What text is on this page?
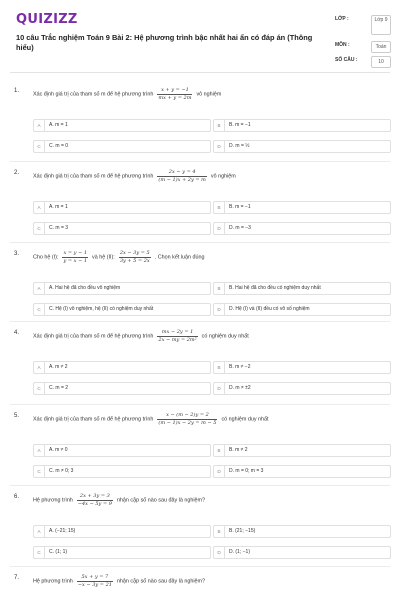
QUIZIZZ
10 câu Trắc nghiệm Toán 9 Bài 2: Hệ phương trình bậc nhất hai ẩn có đáp án (Thông hiểu)
LỚP :	Lớp 9
MÔN :	Toán
SỐ CÂU :	10
1.
Xác định giá trị của tham số m để hệ phương trình $\frac{x + y = -1}{mx + y = 2m}$ vô nghiệm
A	A. m = 1	B	B. m = −1
C	C. m = 0	D	D. m = ½
2.
Xác định giá trị của tham số m để hệ phương trình $\frac{2x - y = 4}{(m - 1)x + 2y = m}$ vô nghiệm
A	A. m = 1	B	B. m = −1
C	C. m = 3	D	D. m = −3
3.
Cho hệ (I): $\frac{x = y - 1}{y = x - 1}$ và hệ (II): $\frac{2x - 3y = 5}{3y + 5 = 2x}$ . Chọn kết luận đúng
A	A. Hai hệ đã cho đều vô nghiệm	B	B. Hai hệ đã cho đều có nghiệm duy nhất
C	C. Hệ (I) vô nghiệm, hệ (II) có nghiệm duy nhất	D	D. Hệ (I) và (II) đều có vô số nghiệm
4.
Xác định giá trị của tham số m để hệ phương trình $\frac{mx - 2y = 1}{\text{2x − my = 2m²}}$ có nghiệm duy nhất
A	A. m ≠ 2	B	B. m ≠ −2
C	C. m = 2	D	D. m ≠ ±2
5.
Xác định giá trị của tham số m để hệ phương trình $\frac{x - (m - 2)y = 2}{(m - 1)x - 2y = m - 5}$ có nghiệm duy nhất
A	A. m ≠ 0	B	B. m ≠ 2
C	C. m ≠ 0; 3	D	D. m = 0; m = 3
6.
Hệ phương trình $\frac{2x + 3y = 3}{-4x - 5y = 9}$ nhận cặp số nào sau đây là nghiệm?
A	A. (−21; 15)	B	B. (21; −15)
C	C. (1; 1)	D	D. (1; −1)
7.
Hệ phương trình $\frac{5x + y = 7}{-x - 3y = 21}$ nhận cặp số nào sau đây là nghiệm?
